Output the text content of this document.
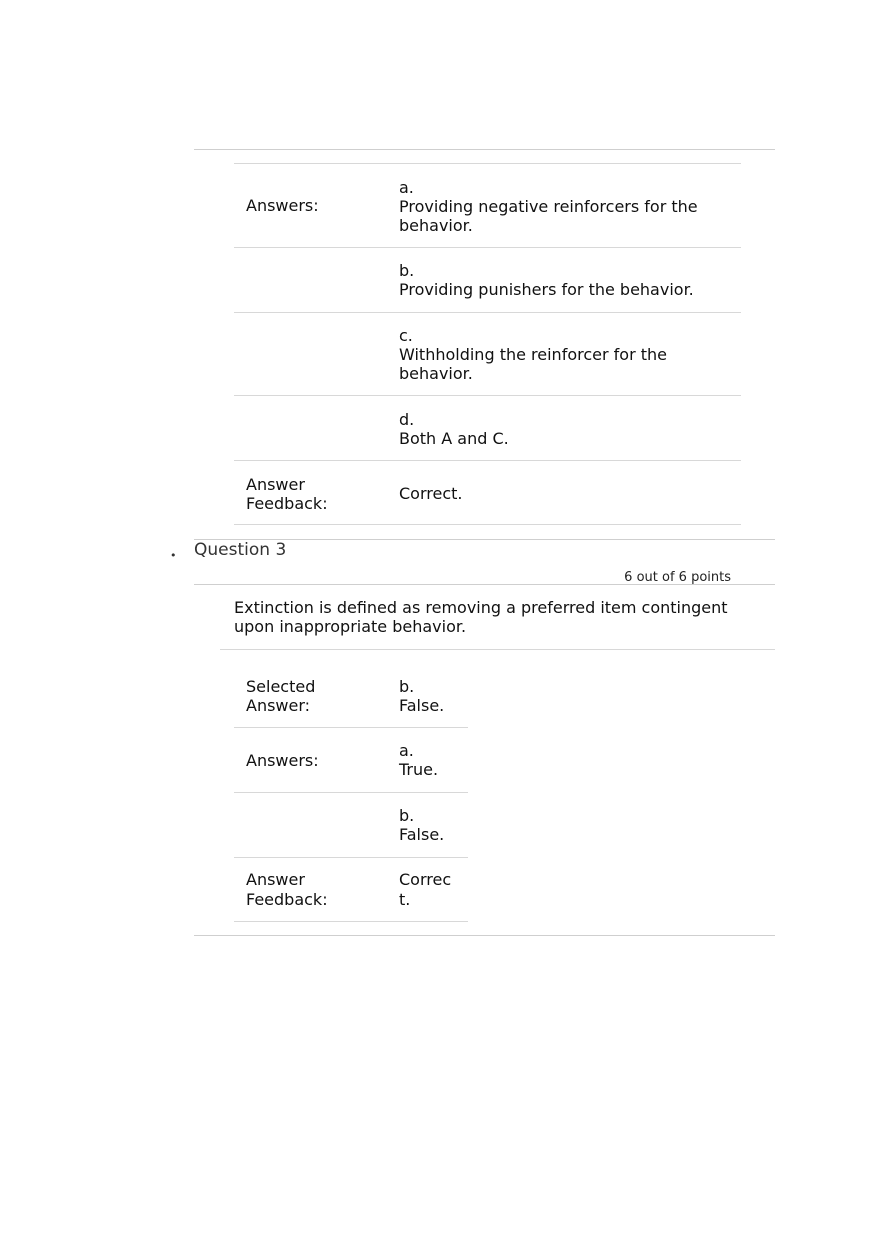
Answers:
a.
Providing negative reinforcers for the
behavior.
b.
Providing punishers for the behavior.
c.
Withholding the reinforcer for the
behavior.
d.
Both A and C.
Answer
Feedback:
Correct.
• Question 3
6 out of 6 points
Extinction is defined as removing a preferred item contingent
upon inappropriate behavior.
Selected
Answer:
b.
False.
Answers:
a.
True.
b.
False.
Answer
Feedback:
Correc
t.
